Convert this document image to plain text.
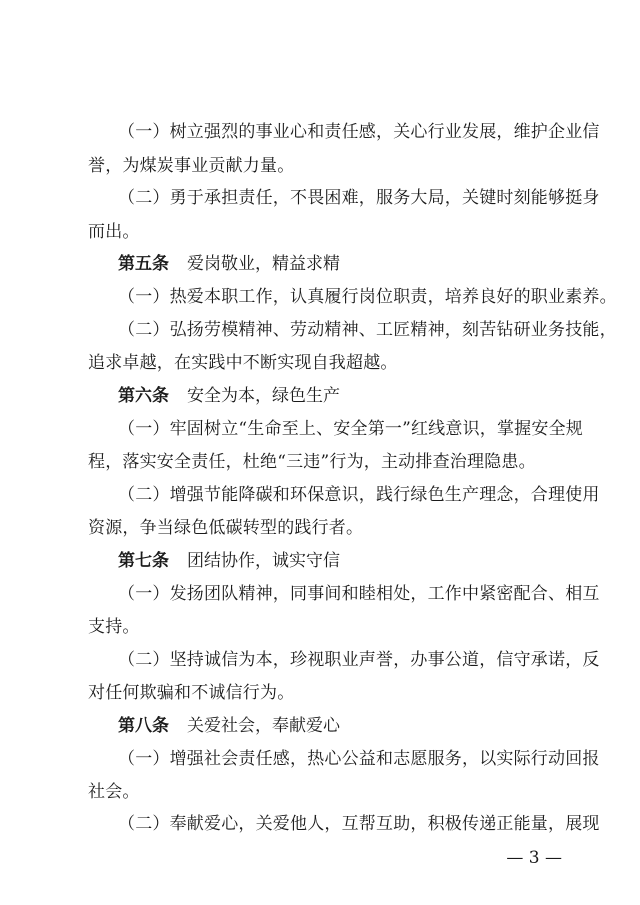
（一）树立强烈的事业心和责任感，关心行业发展，维护企业信
誉，为煤炭事业贡献力量。
（二）勇于承担责任，不畏困难，服务大局，关键时刻能够挺身
而出。
第五条 爱岗敬业，精益求精
（一）热爱本职工作，认真履行岗位职责，培养良好的职业素养。
（二）弘扬劳模精神、劳动精神、工匠精神，刻苦钻研业务技能，
追求卓越，在实践中不断实现自我超越。
第六条 安全为本，绿色生产
（一）牢固树立“生命至上、安全第一”红线意识，掌握安全规
程，落实安全责任，杜绝“三违”行为，主动排查治理隐患。
（二）增强节能降碳和环保意识，践行绿色生产理念，合理使用
资源，争当绿色低碳转型的践行者。
第七条 团结协作，诚实守信
（一）发扬团队精神，同事间和睦相处，工作中紧密配合、相互
支持。
（二）坚持诚信为本，珍视职业声誉，办事公道，信守承诺，反
对任何欺骗和不诚信行为。
第八条 关爱社会，奉献爱心
（一）增强社会责任感，热心公益和志愿服务，以实际行动回报
社会。
（二）奉献爱心，关爱他人，互帮互助，积极传递正能量，展现
— 3 —
